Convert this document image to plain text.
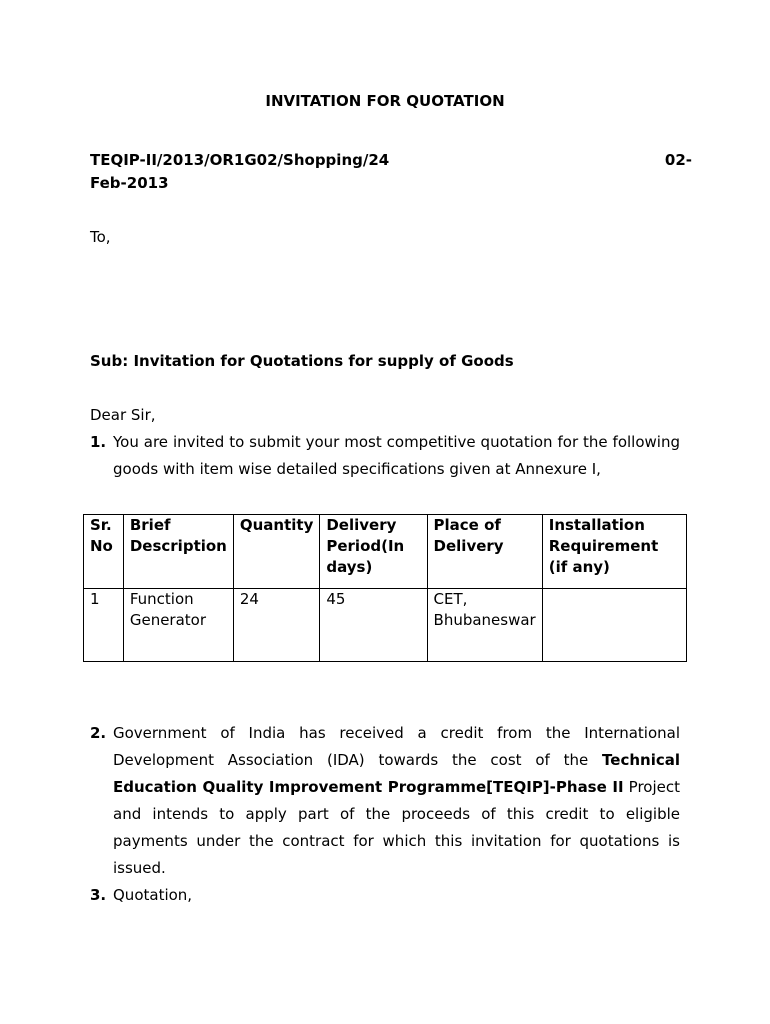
INVITATION FOR QUOTATION
TEQIP-II/2013/OR1G02/Shopping/24	02-
Feb-2013
To,
Sub: Invitation for Quotations for supply of Goods
Dear Sir,
1. You are invited to submit your most competitive quotation for the following goods with item wise detailed specifications given at Annexure I,
Sr. No	Brief Description	Quantity	Delivery Period(In days)	Place of Delivery	Installation Requirement (if any)
1	Function Generator	24	45	CET, Bhubaneswar	
2. Government of India has received a credit from the International Development Association (IDA) towards the cost of the Technical Education Quality Improvement Programme[TEQIP]-Phase II Project and intends to apply part of the proceeds of this credit to eligible payments under the contract for which this invitation for quotations is issued.
3. Quotation,
